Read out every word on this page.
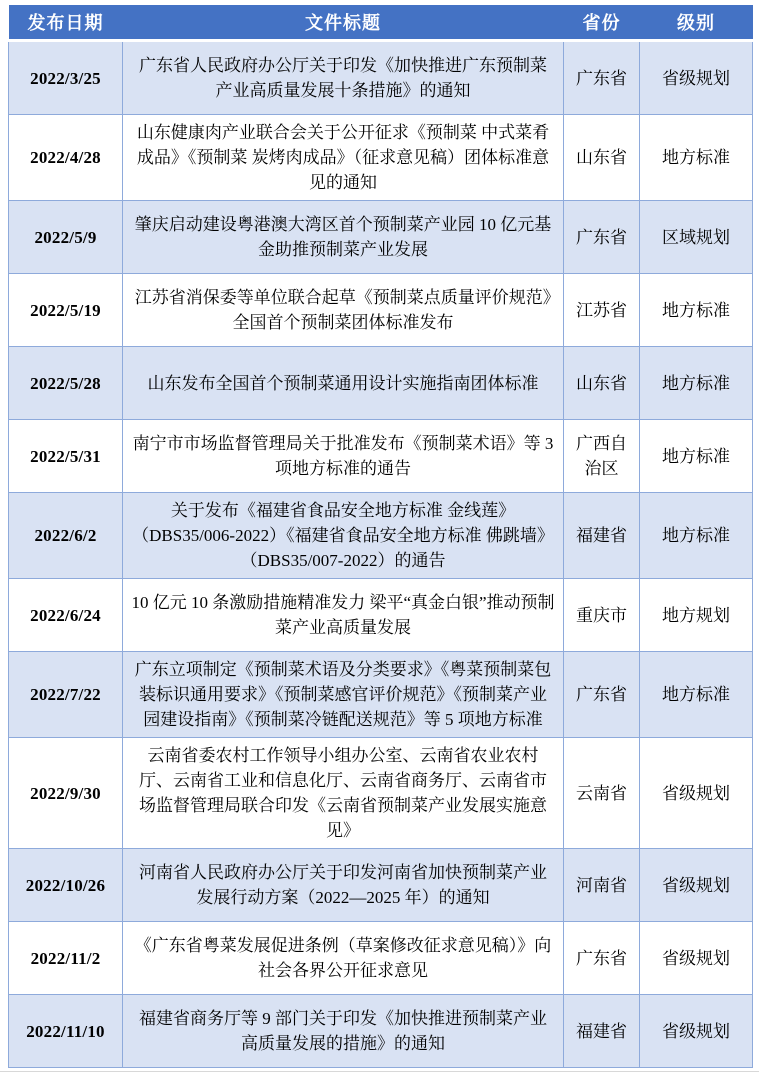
发布日期	文件标题	省份	级别
2022/3/25	广东省人民政府办公厅关于印发《加快推进广东预制菜产业高质量发展十条措施》的通知	广东省	省级规划
2022/4/28	山东健康肉产业联合会关于公开征求《预制菜 中式菜肴成品》《预制菜 炭烤肉成品》（征求意见稿）团体标准意见的通知	山东省	地方标准
2022/5/9	肇庆启动建设粤港澳大湾区首个预制菜产业园 10 亿元基金助推预制菜产业发展	广东省	区域规划
2022/5/19	江苏省消保委等单位联合起草《预制菜点质量评价规范》　全国首个预制菜团体标准发布	江苏省	地方标准
2022/5/28	山东发布全国首个预制菜通用设计实施指南团体标准	山东省	地方标准
2022/5/31	南宁市市场监督管理局关于批准发布《预制菜术语》等 3 项地方标准的通告	广西自治区	地方标准
2022/6/2	关于发布《福建省食品安全地方标准 金线莲》（DBS35/006-2022）《福建省食品安全地方标准 佛跳墙》（DBS35/007-2022）的通告	福建省	地方标准
2022/6/24	10 亿元 10 条激励措施精准发力 梁平“真金白银”推动预制菜产业高质量发展	重庆市	地方规划
2022/7/22	广东立项制定《预制菜术语及分类要求》《粤菜预制菜包装标识通用要求》《预制菜感官评价规范》《预制菜产业园建设指南》《预制菜冷链配送规范》等 5 项地方标准	广东省	地方标准
2022/9/30	云南省委农村工作领导小组办公室、云南省农业农村厅、云南省工业和信息化厅、云南省商务厅、云南省市场监督管理局联合印发《云南省预制菜产业发展实施意见》	云南省	省级规划
2022/10/26	河南省人民政府办公厅关于印发河南省加快预制菜产业发展行动方案（2022—2025 年）的通知	河南省	省级规划
2022/11/2	《广东省粤菜发展促进条例（草案修改征求意见稿）》向社会各界公开征求意见	广东省	省级规划
2022/11/10	福建省商务厅等 9 部门关于印发《加快推进预制菜产业高质量发展的措施》的通知	福建省	省级规划
